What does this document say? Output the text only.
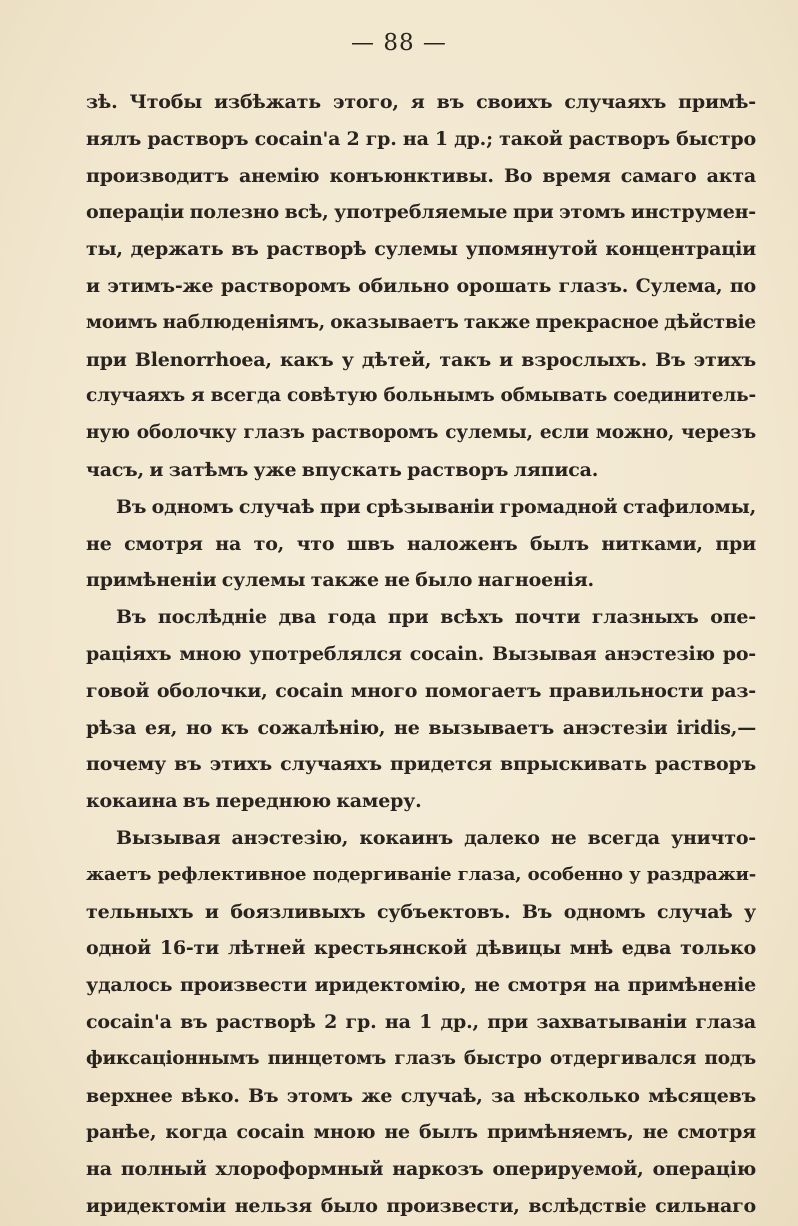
— 88 —
зѣ. Чтобы избѣжать этого, я въ своихъ случаяхъ примѣ-
нялъ растворъ cocain'а 2 гр. на 1 др.; такой растворъ быстро
производитъ анемію конъюнктивы. Во время самаго акта
операціи полезно всѣ, употребляемые при этомъ инструмен-
ты, держать въ растворѣ сулемы упомянутой концентраціи
и этимъ-же растворомъ обильно орошать глазъ. Сулема, по
моимъ наблюденіямъ, оказываетъ также прекрасное дѣйствіе
при Blenorrhoea, какъ у дѣтей, такъ и взрослыхъ. Въ этихъ
случаяхъ я всегда совѣтую больнымъ обмывать соединитель-
ную оболочку глазъ растворомъ сулемы, если можно, черезъ
часъ, и затѣмъ уже впускать растворъ ляписа.
Въ одномъ случаѣ при срѣзываніи громадной стафиломы,
не смотря на то, что швъ наложенъ былъ нитками, при
примѣненіи сулемы также не было нагноенія.
Въ послѣдніе два года при всѣхъ почти глазныхъ опе-
раціяхъ мною употреблялся cocain. Вызывая анэстезію ро-
говой оболочки, cocain много помогаетъ правильности раз-
рѣза ея, но къ сожалѣнію, не вызываетъ анэстезіи iridis,—
почему въ этихъ случаяхъ придется впрыскивать растворъ
кокаина въ переднюю камеру.
Вызывая анэстезію, кокаинъ далеко не всегда уничто-
жаетъ рефлективное подергиваніе глаза, особенно у раздражи-
тельныхъ и боязливыхъ субъектовъ. Въ одномъ случаѣ у
одной 16-ти лѣтней крестьянской дѣвицы мнѣ едва только
удалось произвести иридектомію, не смотря на примѣненіе
cocain'а въ растворѣ 2 гр. на 1 др., при захватываніи глаза
фиксаціоннымъ пинцетомъ глазъ быстро отдергивался подъ
верхнее вѣко. Въ этомъ же случаѣ, за нѣсколько мѣсяцевъ
ранѣе, когда cocain мною не былъ примѣняемъ, не смотря
на полный хлороформный наркозъ оперируемой, операцію
иридектоміи нельзя было произвести, вслѣдствіе сильнаго
